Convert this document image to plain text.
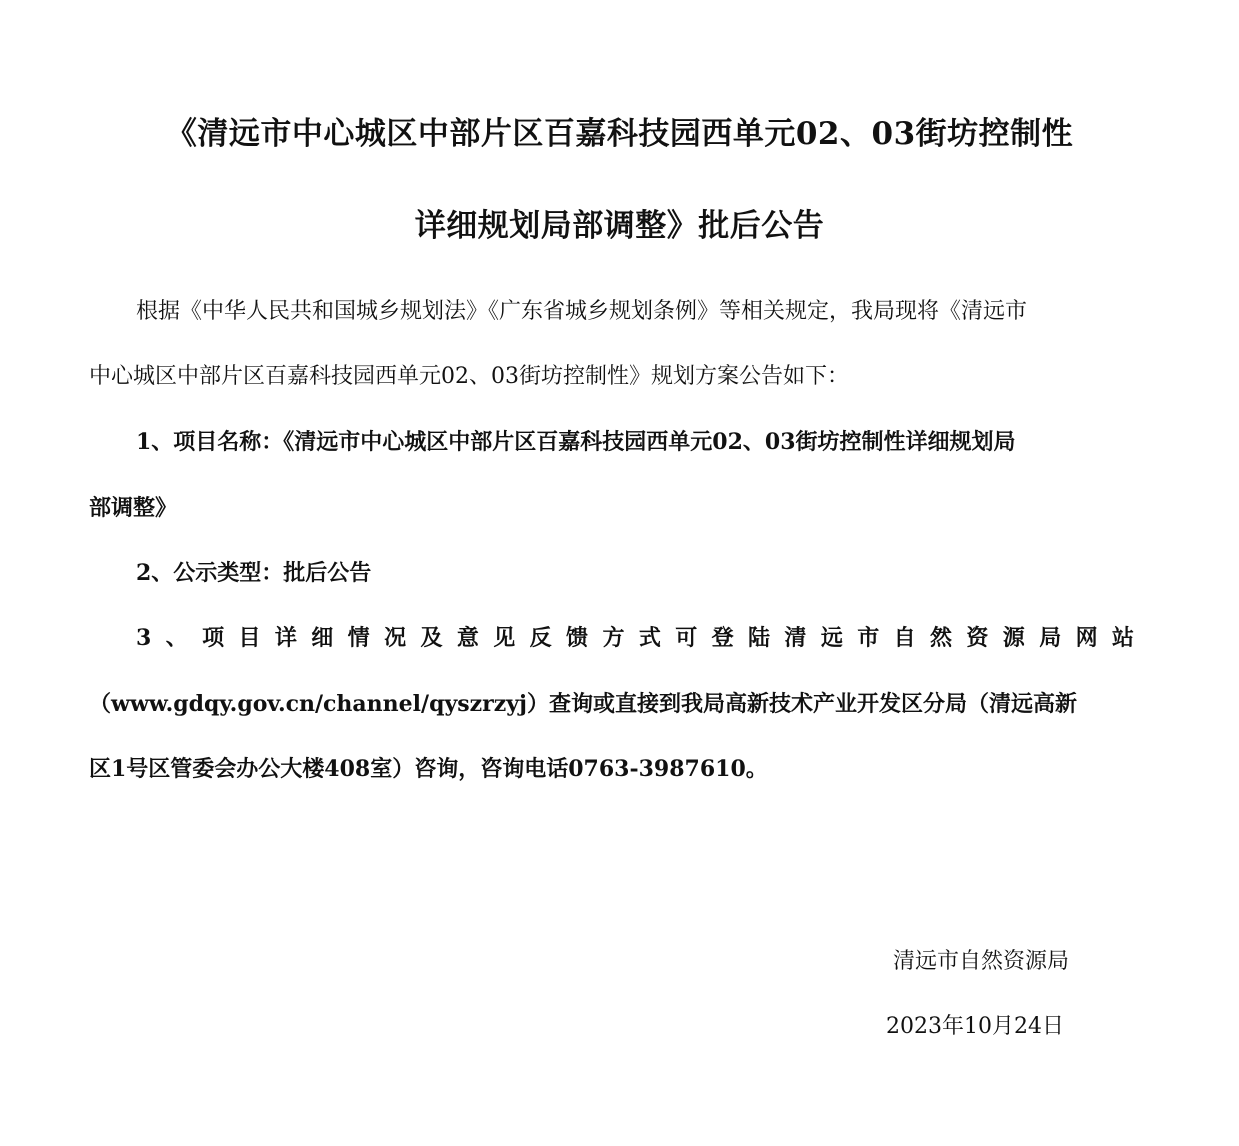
《清远市中心城区中部片区百嘉科技园西单元02、03街坊控制性
详细规划局部调整》批后公告
根据《中华人民共和国城乡规划法》《广东省城乡规划条例》等相关规定，我局现将《清远市
中心城区中部片区百嘉科技园西单元02、03街坊控制性》规划方案公告如下：
1、项目名称：《清远市中心城区中部片区百嘉科技园西单元02、03街坊控制性详细规划局
部调整》
2、公示类型：批后公告
3、项目详细情况及意见反馈方式可登陆清远市自然资源局网站
（www.gdqy.gov.cn/channel/qyszrzyj）查询或直接到我局高新技术产业开发区分局（清远高新
区1号区管委会办公大楼408室）咨询，咨询电话0763-3987610。
清远市自然资源局
2023年10月24日
